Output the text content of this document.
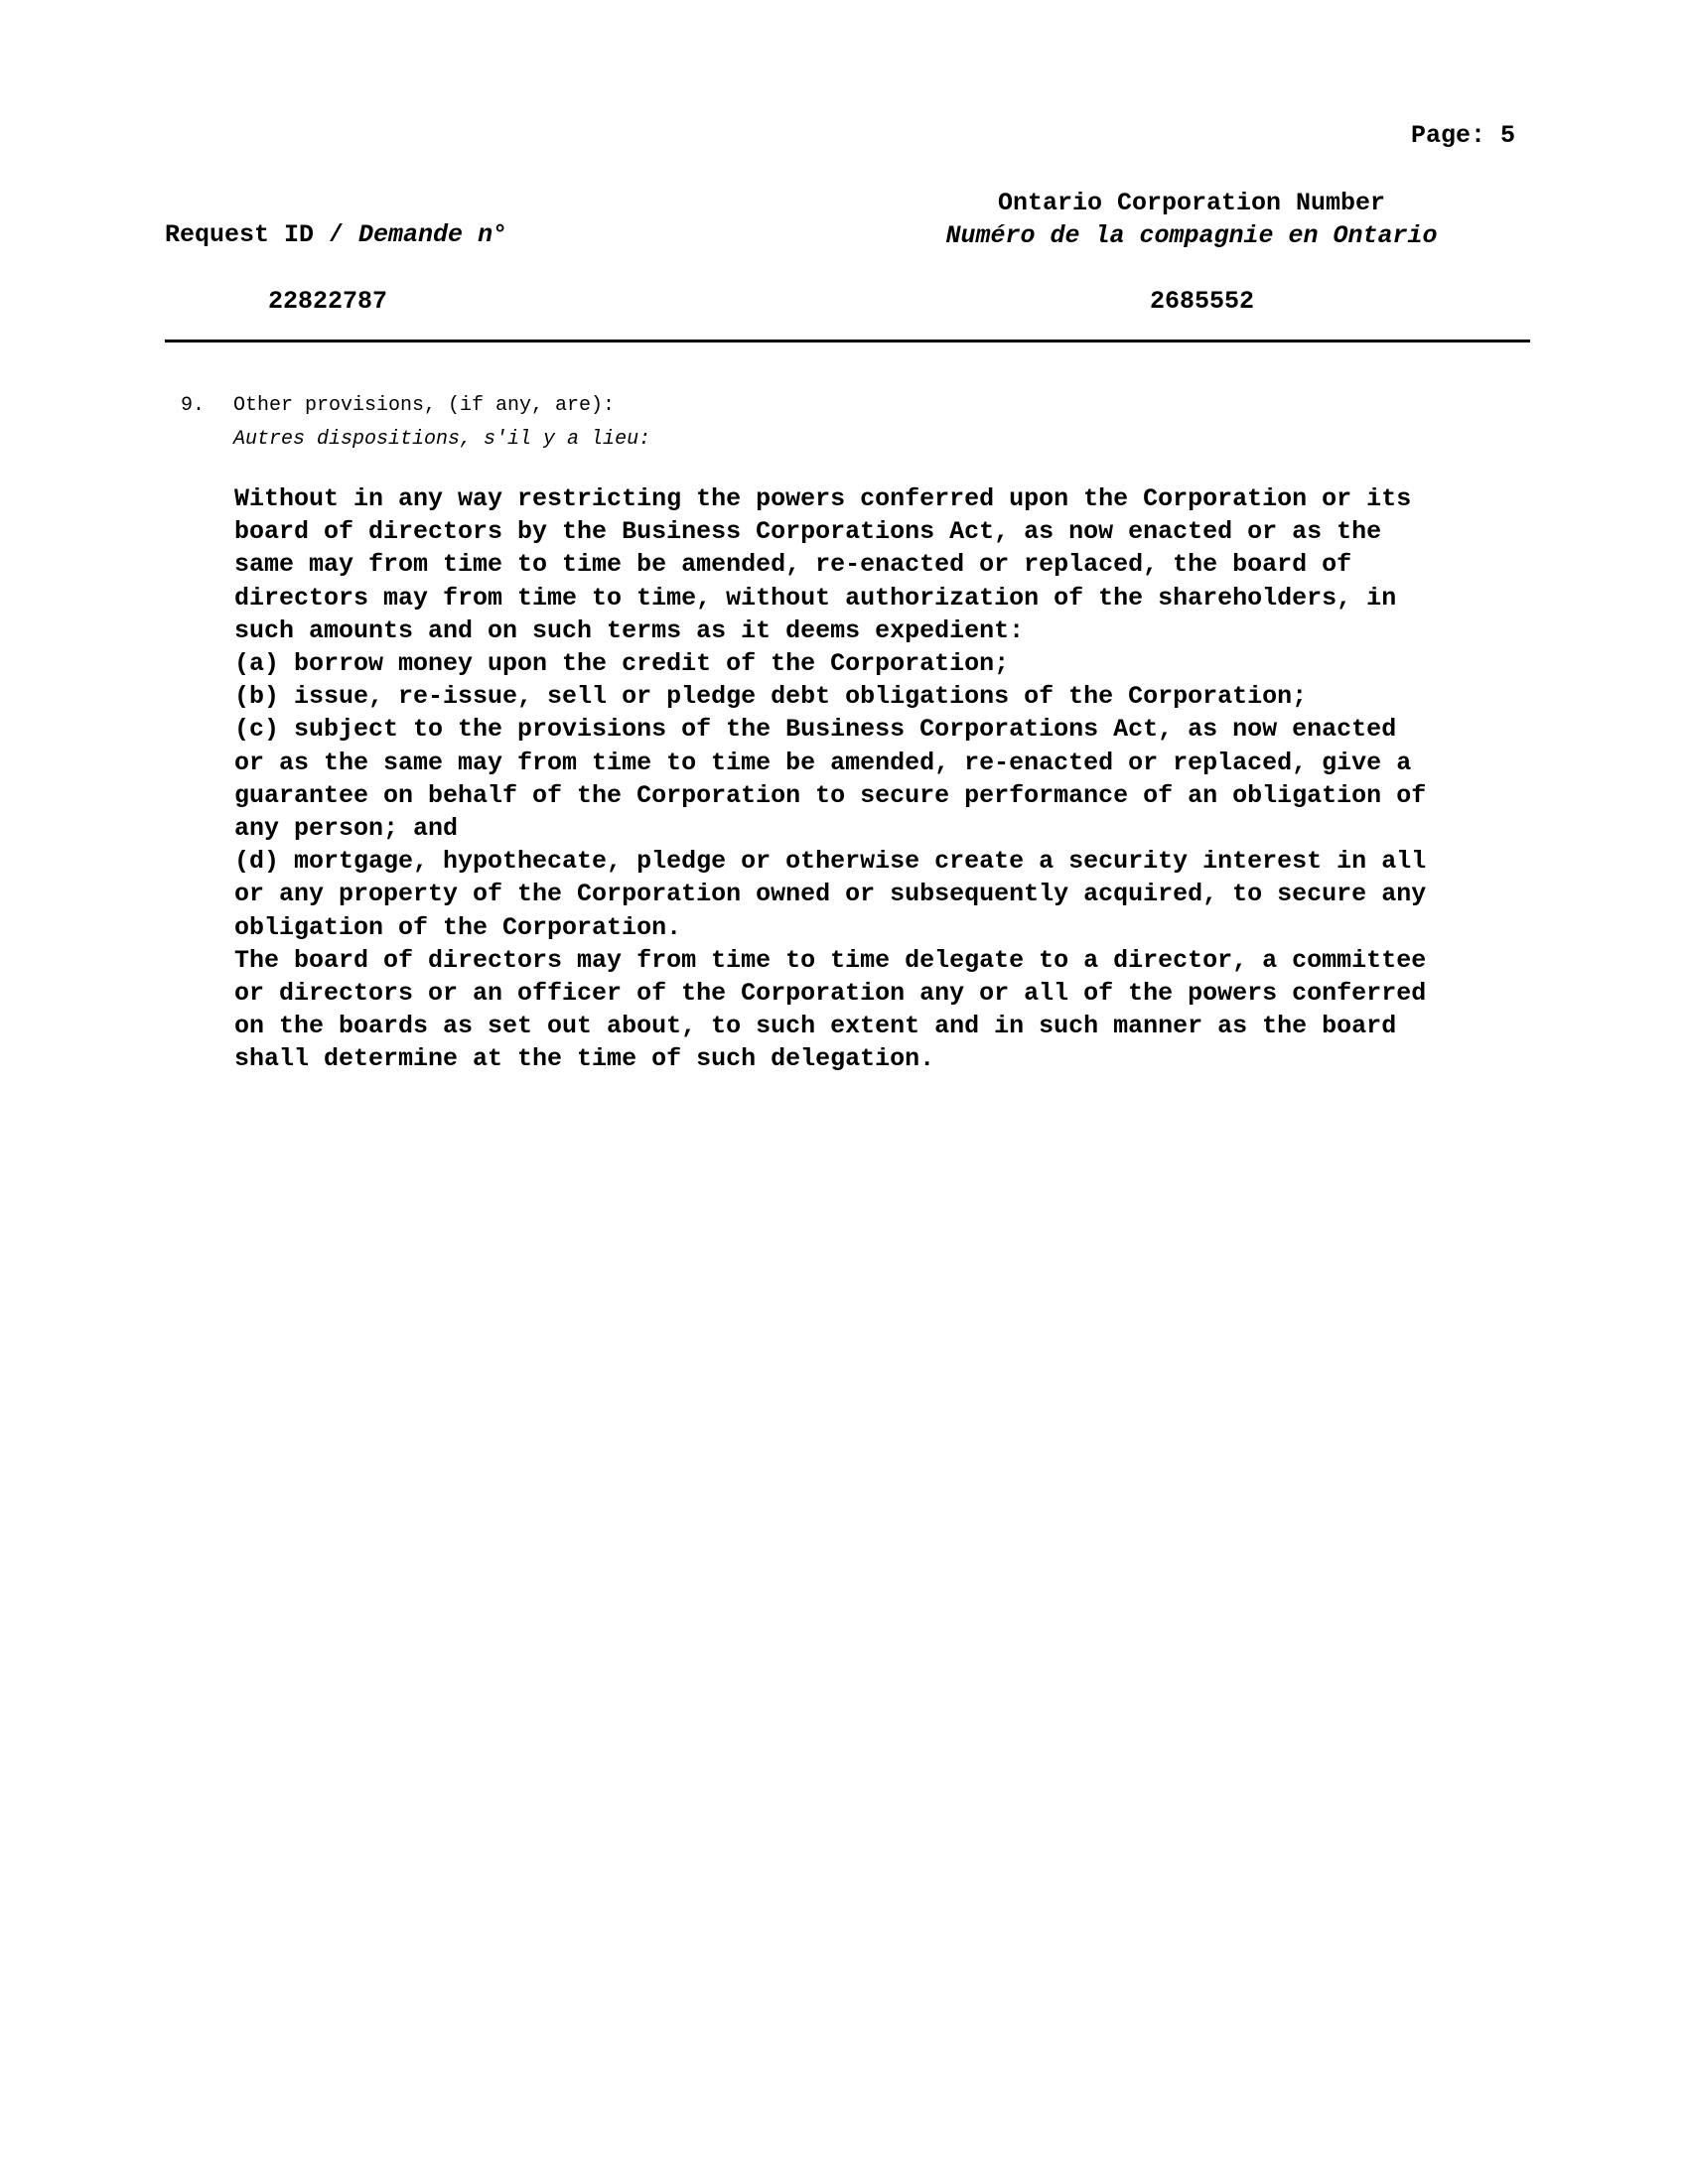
Page: 5
Request ID / Demande n°
Ontario Corporation Number
Numéro de la compagnie en Ontario
22822787	2685552
9. Other provisions, (if any, are):
Autres dispositions, s'il y a lieu:
Without in any way restricting the powers conferred upon the Corporation or its
board of directors by the Business Corporations Act, as now enacted or as the
same may from time to time be amended, re-enacted or replaced, the board of
directors may from time to time, without authorization of the shareholders, in
such amounts and on such terms as it deems expedient:
(a) borrow money upon the credit of the Corporation;
(b) issue, re-issue, sell or pledge debt obligations of the Corporation;
(c) subject to the provisions of the Business Corporations Act, as now enacted
or as the same may from time to time be amended, re-enacted or replaced, give a
guarantee on behalf of the Corporation to secure performance of an obligation of
any person; and
(d) mortgage, hypothecate, pledge or otherwise create a security interest in all
or any property of the Corporation owned or subsequently acquired, to secure any
obligation of the Corporation.
The board of directors may from time to time delegate to a director, a committee
or directors or an officer of the Corporation any or all of the powers conferred
on the boards as set out about, to such extent and in such manner as the board
shall determine at the time of such delegation.
